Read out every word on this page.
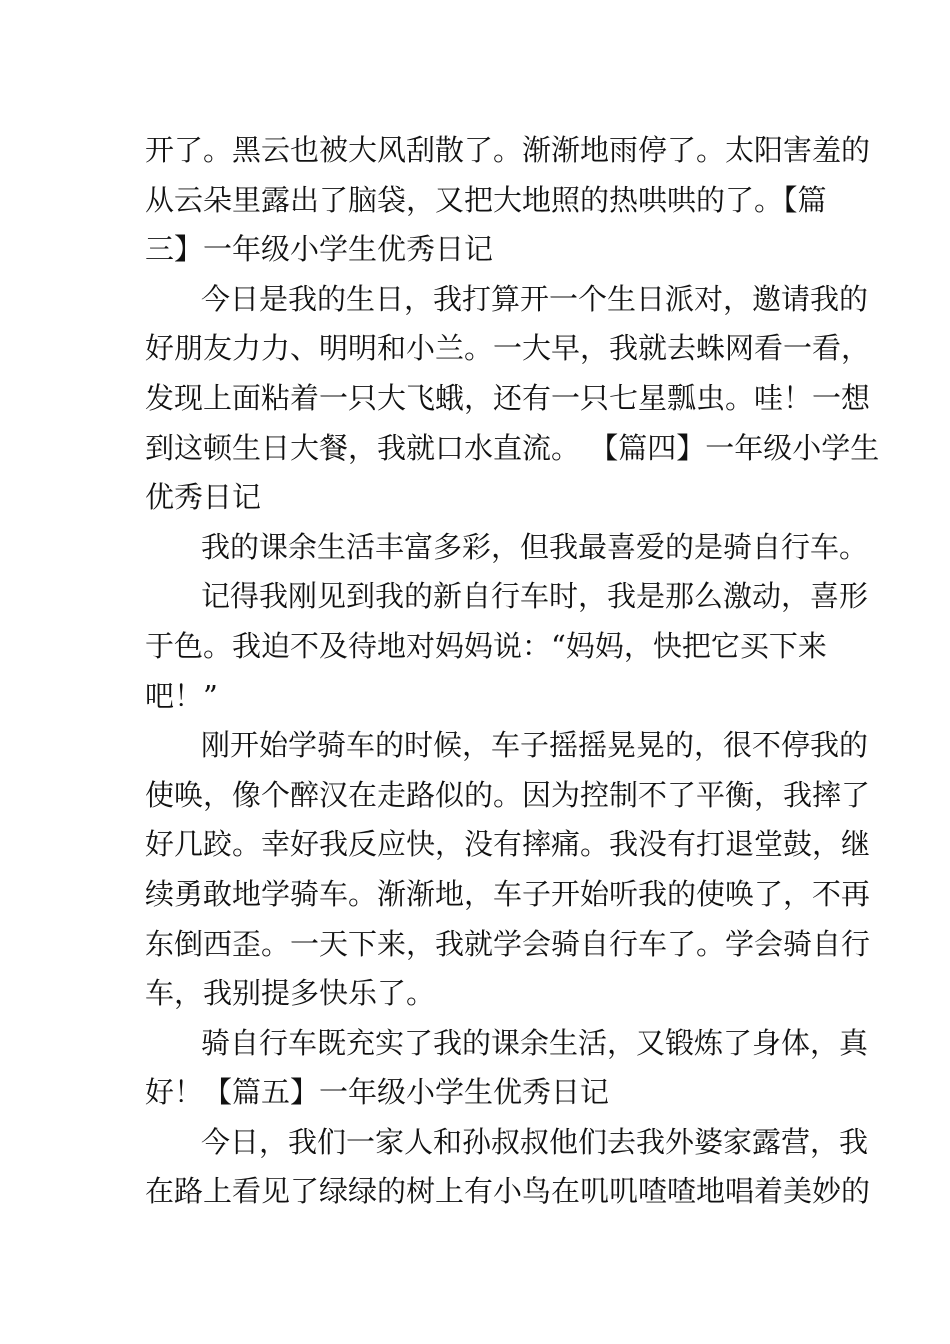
开了。黑云也被大风刮散了。渐渐地雨停了。太阳害羞的
从云朵里露出了脑袋，又把大地照的热哄哄的了。【篇
三】一年级小学生优秀日记
今日是我的生日，我打算开一个生日派对，邀请我的
好朋友力力、明明和小兰。一大早，我就去蛛网看一看，
发现上面粘着一只大飞蛾，还有一只七星瓢虫。哇！一想
到这顿生日大餐，我就口水直流。 【篇四】一年级小学生
优秀日记
我的课余生活丰富多彩，但我最喜爱的是骑自行车。
记得我刚见到我的新自行车时，我是那么激动，喜形
于色。我迫不及待地对妈妈说：“妈妈，快把它买下来
吧！”
刚开始学骑车的时候，车子摇摇晃晃的，很不停我的
使唤，像个醉汉在走路似的。因为控制不了平衡，我摔了
好几跤。幸好我反应快，没有摔痛。我没有打退堂鼓，继
续勇敢地学骑车。渐渐地，车子开始听我的使唤了，不再
东倒西歪。一天下来，我就学会骑自行车了。学会骑自行
车，我别提多快乐了。
骑自行车既充实了我的课余生活，又锻炼了身体，真
好！【篇五】一年级小学生优秀日记
今日，我们一家人和孙叔叔他们去我外婆家露营，我
在路上看见了绿绿的树上有小鸟在叽叽喳喳地唱着美妙的
